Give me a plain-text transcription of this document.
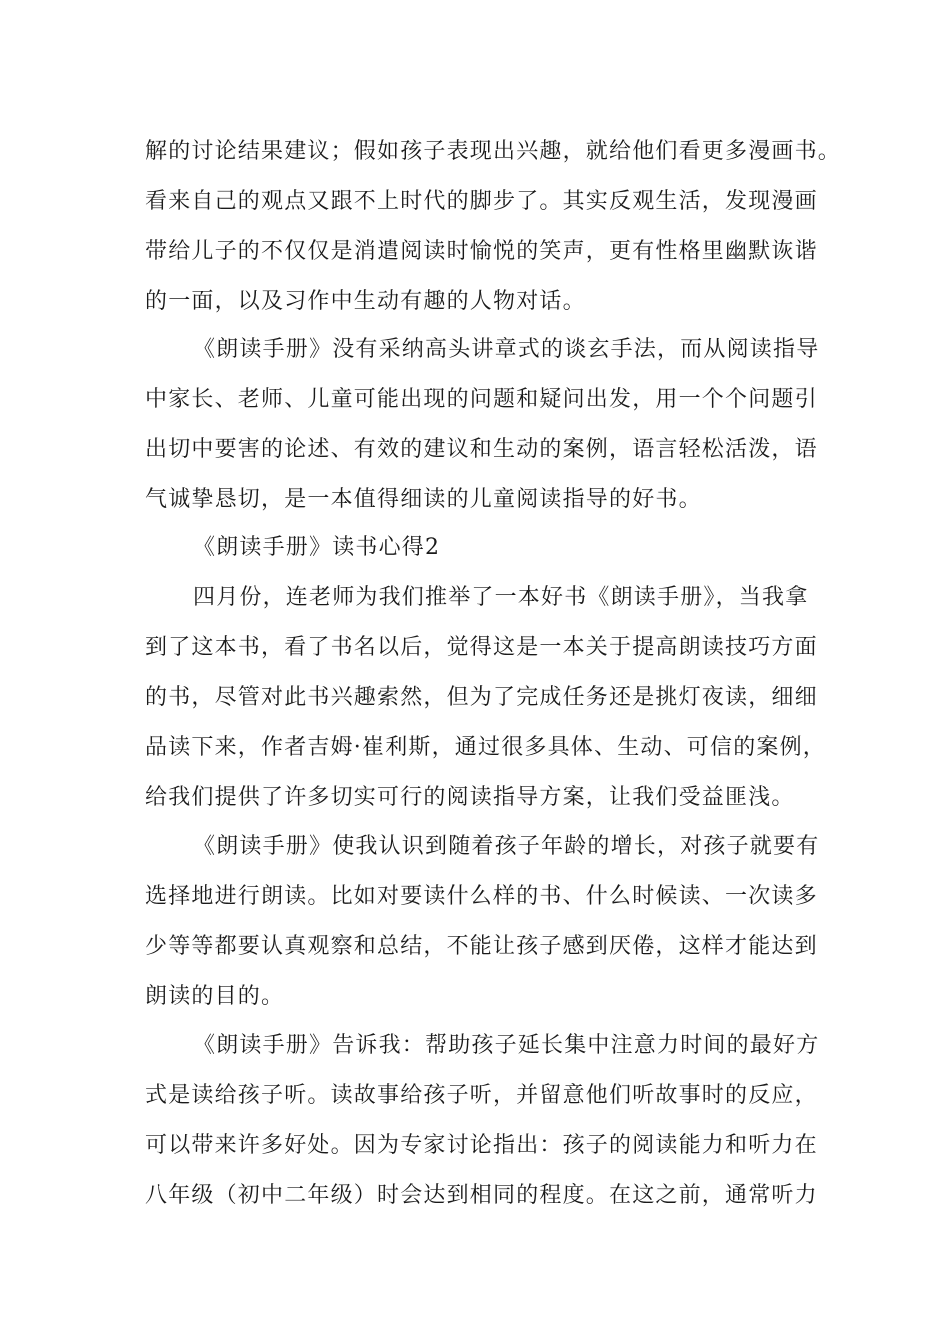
解的讨论结果建议；假如孩子表现出兴趣，就给他们看更多漫画书。
看来自己的观点又跟不上时代的脚步了。其实反观生活，发现漫画
带给儿子的不仅仅是消遣阅读时愉悦的笑声，更有性格里幽默诙谐
的一面，以及习作中生动有趣的人物对话。
《朗读手册》没有采纳高头讲章式的谈玄手法，而从阅读指导
中家长、老师、儿童可能出现的问题和疑问出发，用一个个问题引
出切中要害的论述、有效的建议和生动的案例，语言轻松活泼，语
气诚挚恳切，是一本值得细读的儿童阅读指导的好书。
《朗读手册》读书心得2
四月份，连老师为我们推举了一本好书《朗读手册》，当我拿
到了这本书，看了书名以后，觉得这是一本关于提高朗读技巧方面
的书，尽管对此书兴趣索然，但为了完成任务还是挑灯夜读，细细
品读下来，作者吉姆·崔利斯，通过很多具体、生动、可信的案例，
给我们提供了许多切实可行的阅读指导方案，让我们受益匪浅。
《朗读手册》使我认识到随着孩子年龄的增长，对孩子就要有
选择地进行朗读。比如对要读什么样的书、什么时候读、一次读多
少等等都要认真观察和总结，不能让孩子感到厌倦，这样才能达到
朗读的目的。
《朗读手册》告诉我：帮助孩子延长集中注意力时间的最好方
式是读给孩子听。读故事给孩子听，并留意他们听故事时的反应，
可以带来许多好处。因为专家讨论指出：孩子的阅读能力和听力在
八年级（初中二年级）时会达到相同的程度。在这之前，通常听力
